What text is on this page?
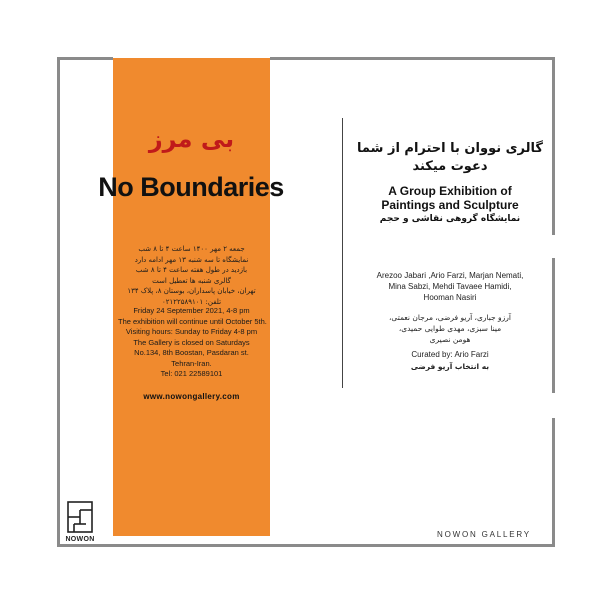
بی مرز
No Boundaries
جمعه ۲ مهر ۱۴۰۰ ساعت ۴ تا ۸ شب
نمایشگاه تا سه شنبه ۱۳ مهر ادامه دارد
بازدید در طول هفته ساعت ۴ تا ۸ شب
گالری شنبه ها تعطیل است
تهران، خیابان پاسداران، بوستان ۸، پلاک ۱۳۴
تلفن: ۰۲۱۲۲۵۸۹۱۰۱
Friday 24 September 2021, 4-8 pm
The exhibition will continue until October 5th.
Visiting hours: Sunday to Friday 4-8 pm
The Gallery is closed on Saturdays
No.134, 8th Boostan, Pasdaran st.
Tehran-Iran.
Tel: 021 22589101
www.nowongallery.com
گالری نووان با احترام از شما
دعوت میکند
A Group Exhibition of
Paintings and Sculpture
نمایشگاه گروهی نقاشی و حجم
Arezoo Jabari ,Ario Farzi, Marjan Nemati,
Mina Sabzi, Mehdi Tavaee Hamidi,
Hooman Nasiri
آرزو جباری، آریو فرضی، مرجان نعمتی،
مینا سبزی، مهدی طوایی حمیدی،
هومن نصیری
Curated by: Ario Farzi
به انتخاب آریو فرضی
NOWON GALLERY
NOWON
